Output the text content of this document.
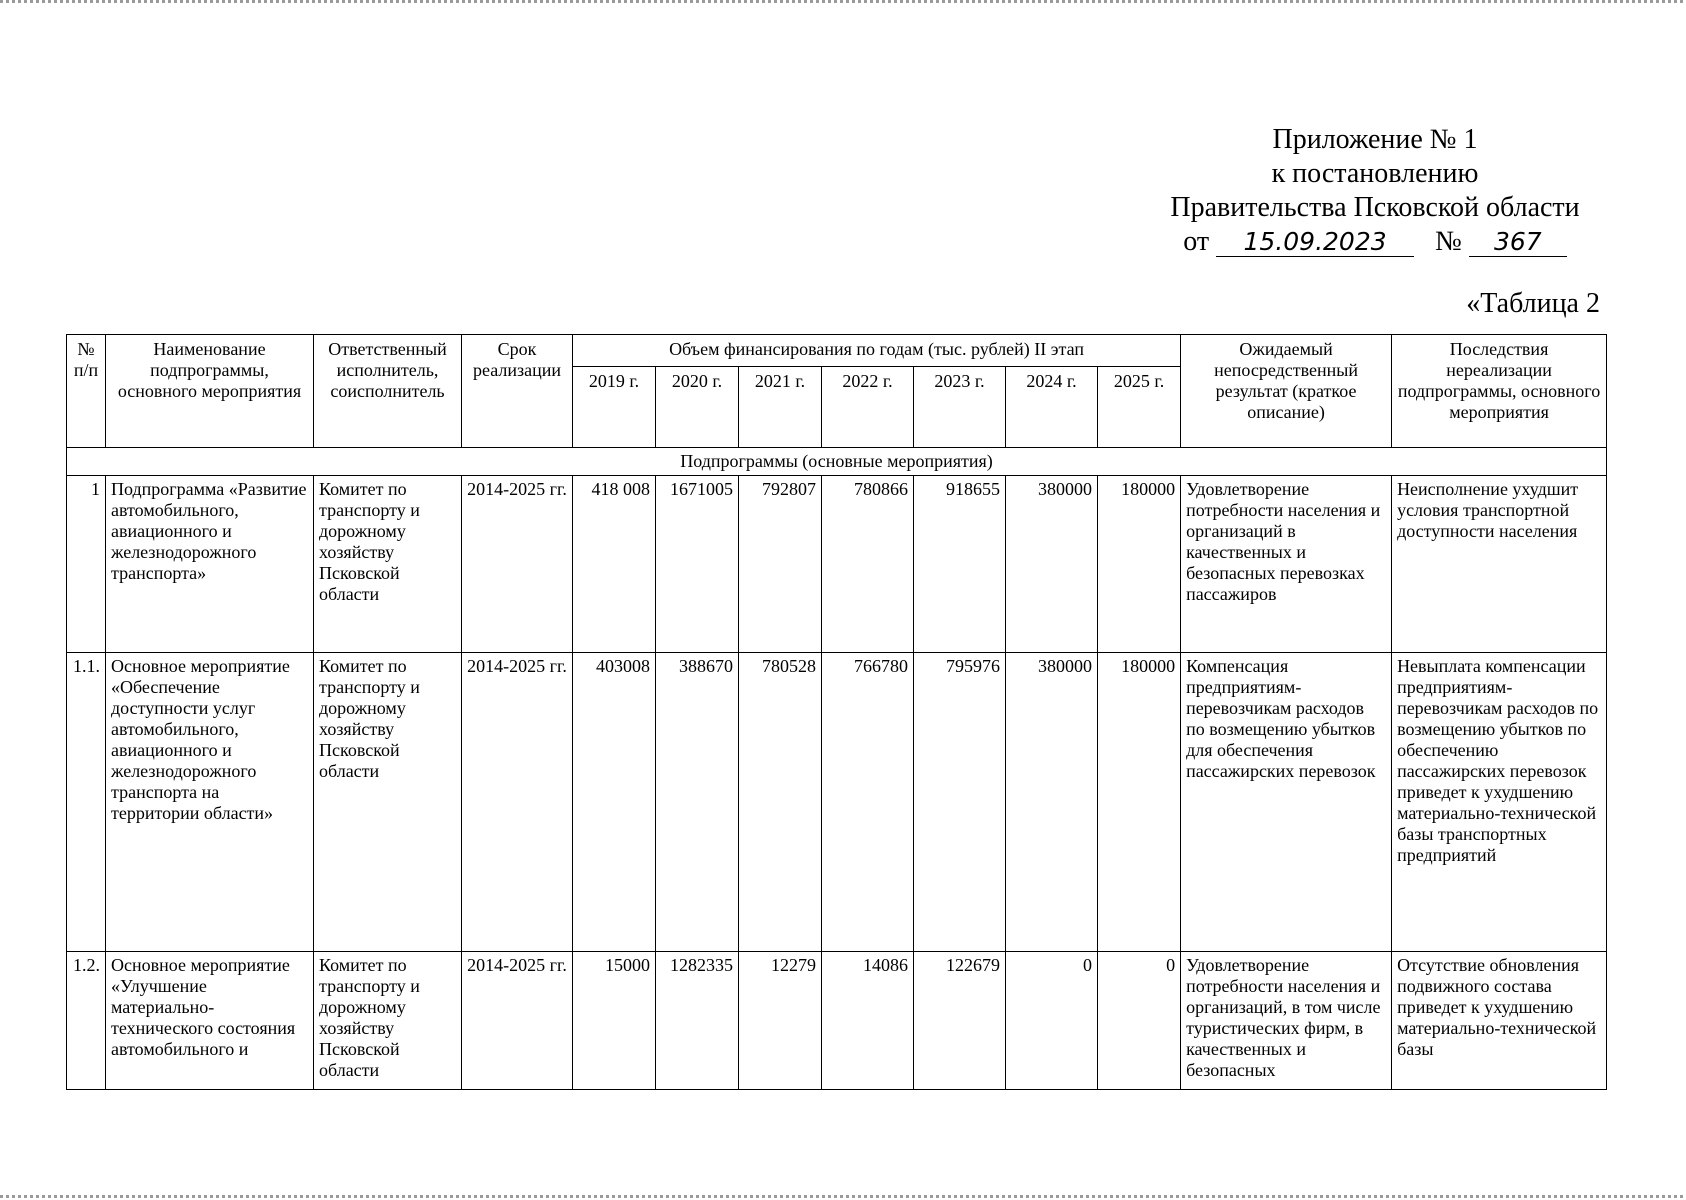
Приложение № 1
к постановлению
Правительства Псковской области
от 15.09.2023 № 367
«Таблица 2
№ п/п	Наименование подпрограммы, основного мероприятия	Ответственный исполнитель, соисполнитель	Срок реализации	Объем финансирования по годам (тыс. рублей) II этап							Ожидаемый непосредственный результат (краткое описание)	Последствия нереализации подпрограммы, основного мероприятия
				2019 г.	2020 г.	2021 г.	2022 г.	2023 г.	2024 г.	2025 г.		
Подпрограммы (основные мероприятия)												
1	Подпрограмма «Развитие автомобильного, авиационного и железнодорожного транспорта»	Комитет по транспорту и дорожному хозяйству Псковской области	2014-2025 гг.	418 008	1671005	792807	780866	918655	380000	180000	Удовлетворение потребности населения и организаций в качественных и безопасных перевозках пассажиров	Неисполнение ухудшит условия транспортной доступности населения
1.1.	Основное мероприятие «Обеспечение доступности услуг автомобильного, авиационного и железнодорожного транспорта на территории области»	Комитет по транспорту и дорожному хозяйству Псковской области	2014-2025 гг.	403008	388670	780528	766780	795976	380000	180000	Компенсация предприятиям-перевозчикам расходов по возмещению убытков для обеспечения пассажирских перевозок	Невыплата компенсации предприятиям-перевозчикам расходов по возмещению убытков по обеспечению пассажирских перевозок приведет к ухудшению материально-технической базы транспортных предприятий
1.2.	Основное мероприятие «Улучшение материально-технического состояния автомобильного и	Комитет по транспорту и дорожному хозяйству Псковской области	2014-2025 гг.	15000	1282335	12279	14086	122679	0	0	Удовлетворение потребности населения и организаций, в том числе туристических фирм, в качественных и безопасных	Отсутствие обновления подвижного состава приведет к ухудшению материально-технической базы
